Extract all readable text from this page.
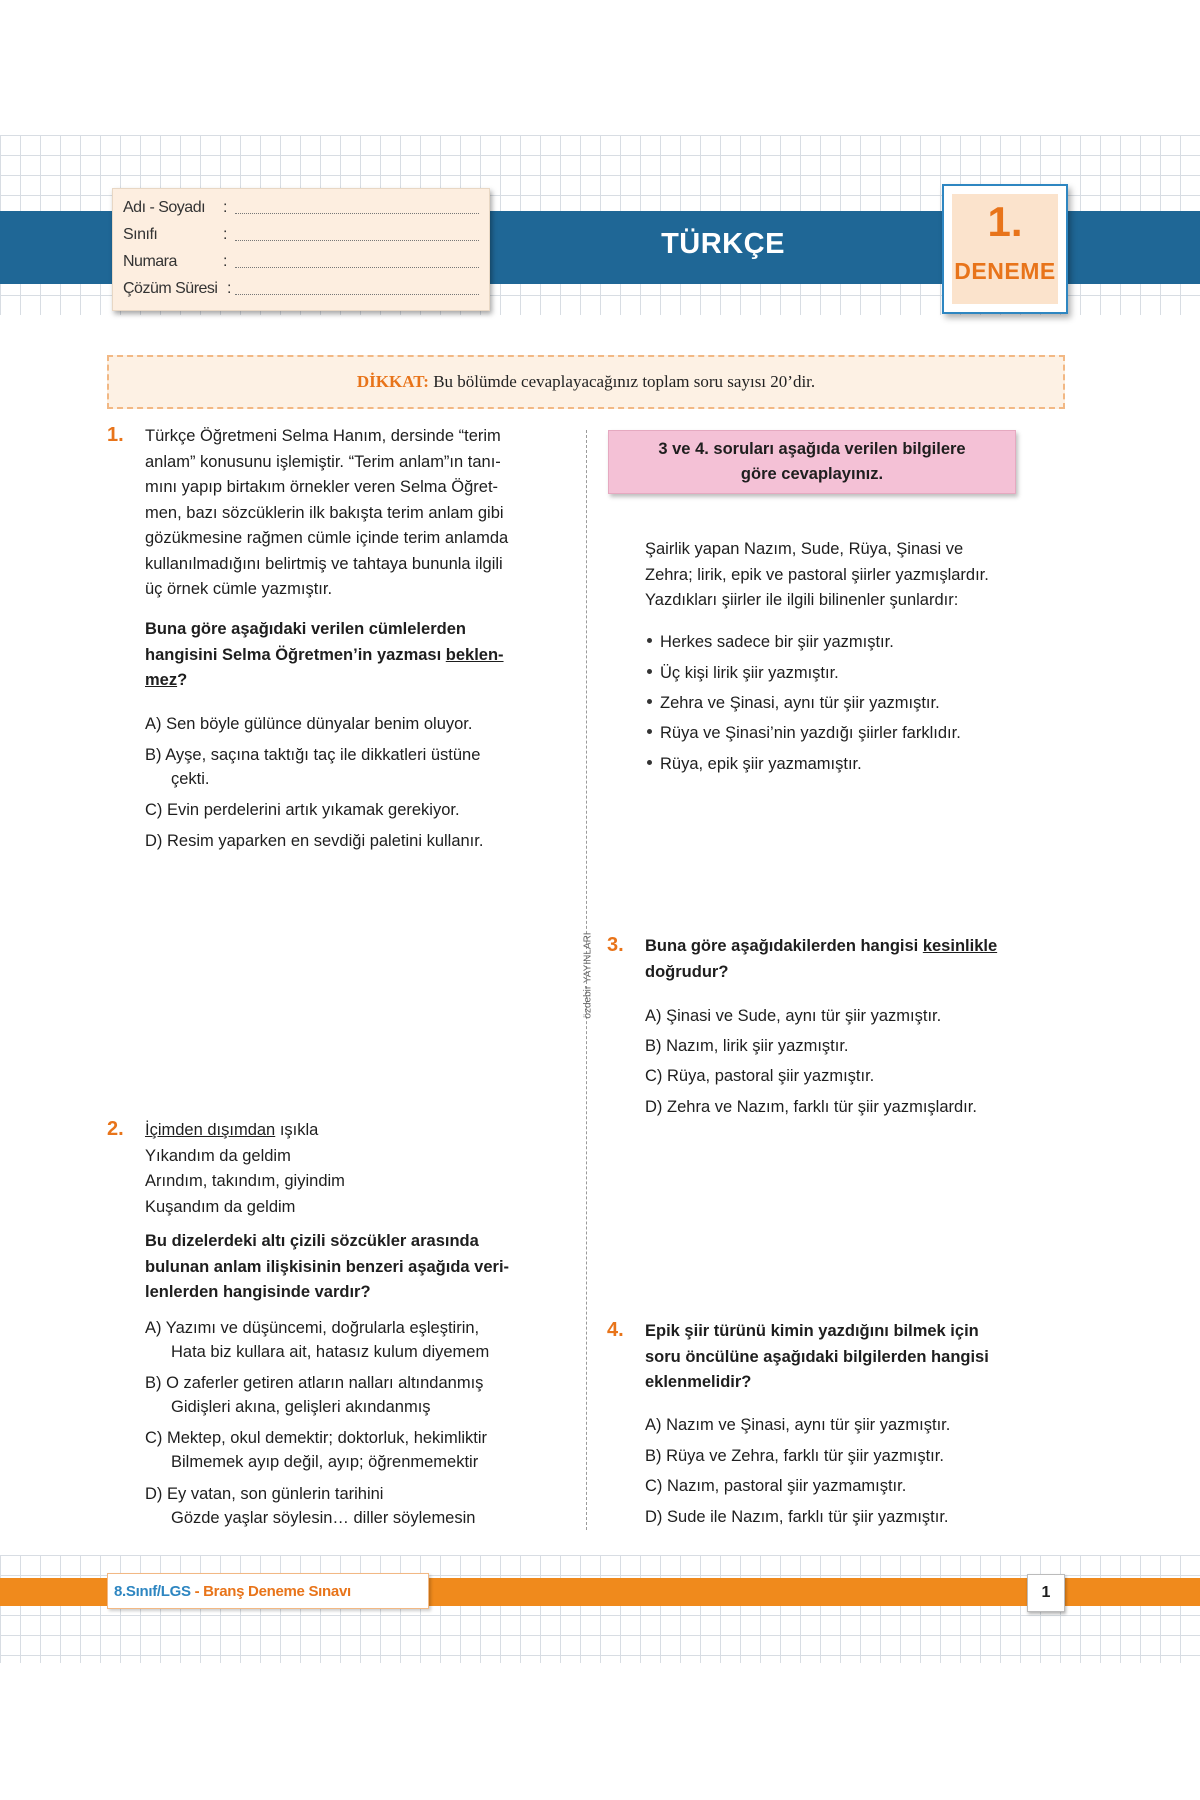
Adı - Soyadı :
Sınıfı	:
Numara	:
Çözüm Süresi :
TÜRKÇE	1.
DENEME
DİKKAT: Bu bölümde cevaplayacağınız toplam soru sayısı 20’dir.
özdebir YAYINLARI
1. Türkçe Öğretmeni Selma Hanım, dersinde “terim
anlam” konusunu işlemiştir. “Terim anlam”ın tanı-
mını yapıp birtakım örnekler veren Selma Öğret-
men, bazı sözcüklerin ilk bakışta terim anlam gibi
gözükmesine rağmen cümle içinde terim anlamda
kullanılmadığını belirtmiş ve tahtaya bununla ilgili
üç örnek cümle yazmıştır.
Buna göre aşağıdaki verilen cümlelerden
hangisini Selma Öğretmen’in yazması beklen-
mez?
A) Sen böyle gülünce dünyalar benim oluyor.
B) Ayşe, saçına taktığı taç ile dikkatleri üstüne
çekti.
C) Evin perdelerini artık yıkamak gerekiyor.
D) Resim yaparken en sevdiği paletini kullanır.
2. İçimden dışımdan ışıkla
Yıkandım da geldim
Arındım, takındım, giyindim
Kuşandım da geldim
Bu dizelerdeki altı çizili sözcükler arasında
bulunan anlam ilişkisinin benzeri aşağıda veri-
lenlerden hangisinde vardır?
A) Yazımı ve düşüncemi, doğrularla eşleştirin,
Hata biz kullara ait, hatasız kulum diyemem
B) O zaferler getiren atların nalları altındanmış
Gidişleri akına, gelişleri akındanmış
C) Mektep, okul demektir; doktorluk, hekimliktir
Bilmemek ayıp değil, ayıp; öğrenmemektir
D) Ey vatan, son günlerin tarihini
Gözde yaşlar söylesin… diller söylemesin
3 ve 4. soruları aşağıda verilen bilgilere
göre cevaplayınız.
Şairlik yapan Nazım, Sude, Rüya, Şinasi ve
Zehra; lirik, epik ve pastoral şiirler yazmışlardır.
Yazdıkları şiirler ile ilgili bilinenler şunlardır:
Herkes sadece bir şiir yazmıştır.
Üç kişi lirik şiir yazmıştır.
Zehra ve Şinasi, aynı tür şiir yazmıştır.
Rüya ve Şinasi’nin yazdığı şiirler farklıdır.
Rüya, epik şiir yazmamıştır.
3. Buna göre aşağıdakilerden hangisi kesinlikle
doğrudur?
A) Şinasi ve Sude, aynı tür şiir yazmıştır.
B) Nazım, lirik şiir yazmıştır.
C) Rüya, pastoral şiir yazmıştır.
D) Zehra ve Nazım, farklı tür şiir yazmışlardır.
4. Epik şiir türünü kimin yazdığını bilmek için
soru öncülüne aşağıdaki bilgilerden hangisi
eklenmelidir?
A) Nazım ve Şinasi, aynı tür şiir yazmıştır.
B) Rüya ve Zehra, farklı tür şiir yazmıştır.
C) Nazım, pastoral şiir yazmamıştır.
D) Sude ile Nazım, farklı tür şiir yazmıştır.
8.Sınıf/LGS - Branş Deneme Sınavı	1
